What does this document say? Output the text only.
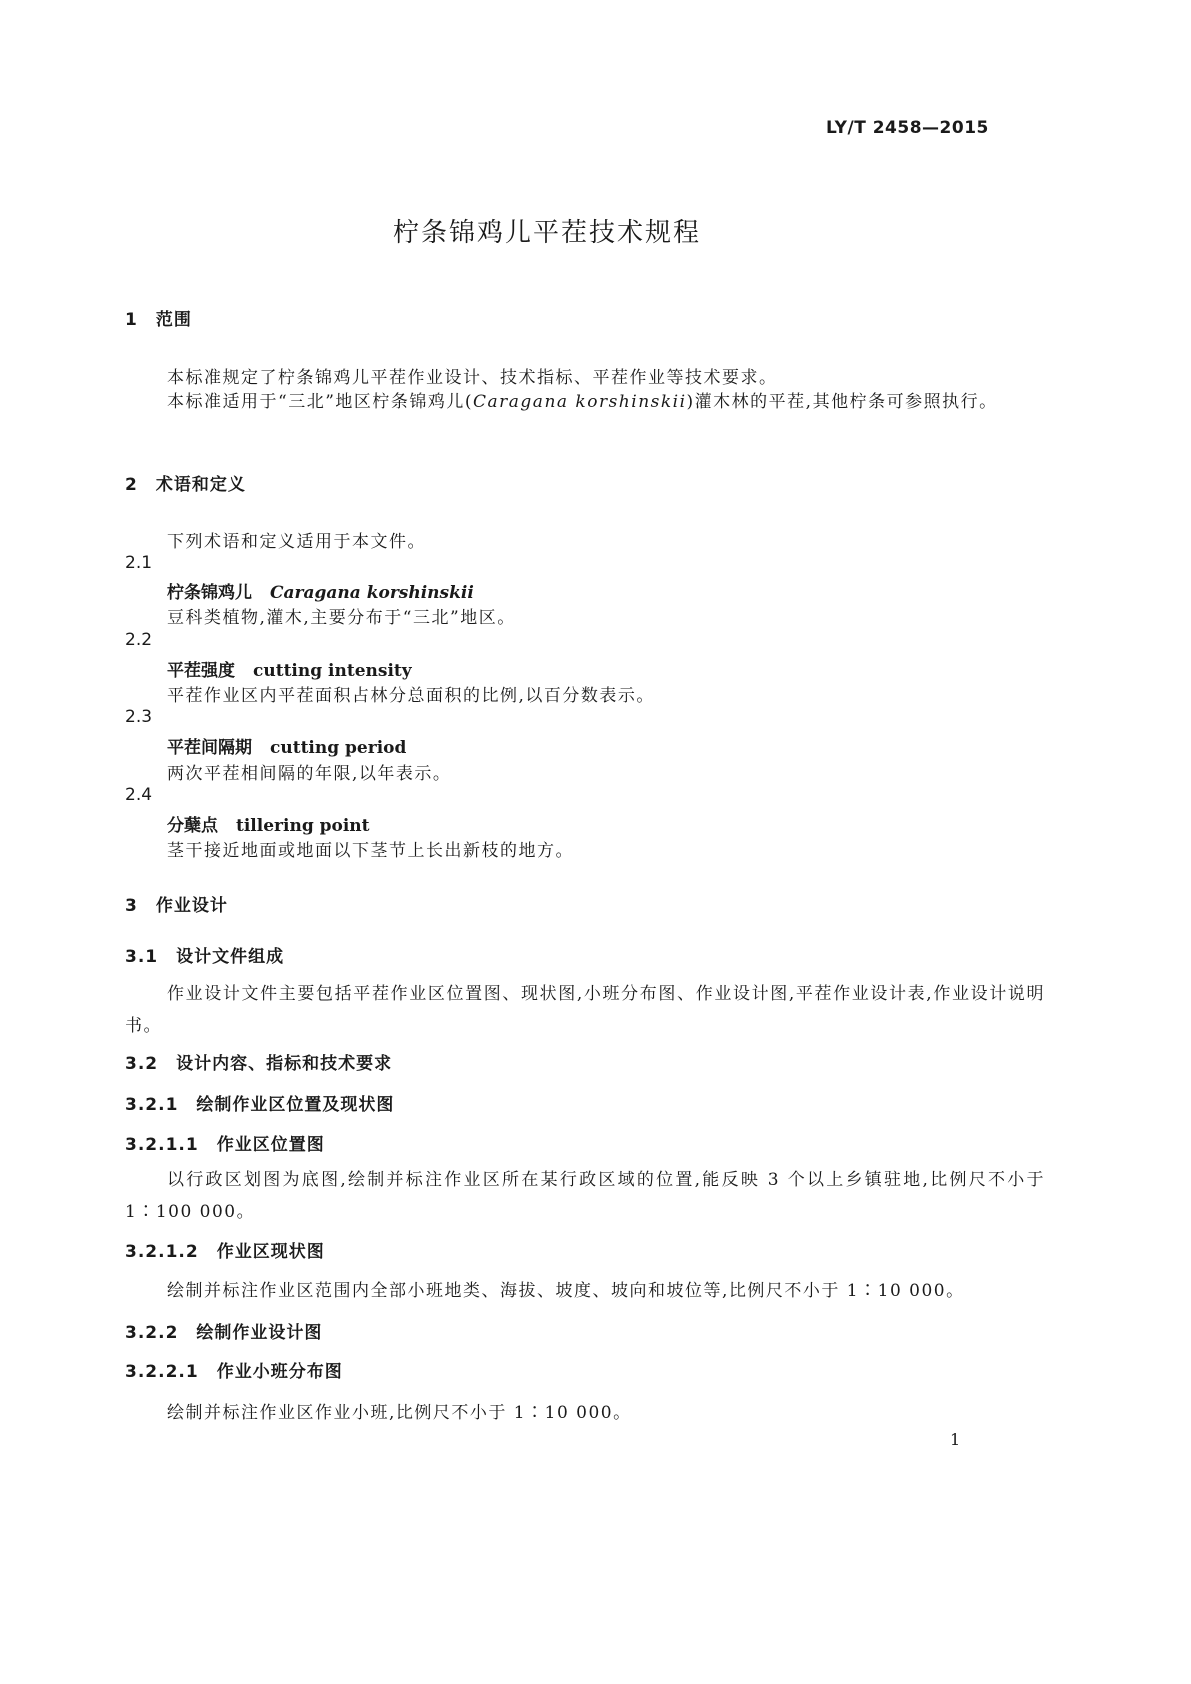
LY/T 2458—2015
柠条锦鸡儿平茬技术规程
1　范围
本标准规定了柠条锦鸡儿平茬作业设计、技术指标、平茬作业等技术要求。
本标准适用于“三北”地区柠条锦鸡儿(Caragana korshinskii)灌木林的平茬,其他柠条可参照执行。
2　术语和定义
下列术语和定义适用于本文件。
2.1
柠条锦鸡儿 Caragana korshinskii
豆科类植物,灌木,主要分布于“三北”地区。
2.2
平茬强度 cutting intensity
平茬作业区内平茬面积占林分总面积的比例,以百分数表示。
2.3
平茬间隔期 cutting period
两次平茬相间隔的年限,以年表示。
2.4
分蘖点 tillering point
茎干接近地面或地面以下茎节上长出新枝的地方。
3　作业设计
3.1　设计文件组成
作业设计文件主要包括平茬作业区位置图、现状图,小班分布图、作业设计图,平茬作业设计表,作业设计说明书。
3.2　设计内容、指标和技术要求
3.2.1　绘制作业区位置及现状图
3.2.1.1　作业区位置图
以行政区划图为底图,绘制并标注作业区所在某行政区域的位置,能反映 3 个以上乡镇驻地,比例尺不小于 1∶100 000。
3.2.1.2　作业区现状图
绘制并标注作业区范围内全部小班地类、海拔、坡度、坡向和坡位等,比例尺不小于 1∶10 000。
3.2.2　绘制作业设计图
3.2.2.1　作业小班分布图
绘制并标注作业区作业小班,比例尺不小于 1∶10 000。
1
